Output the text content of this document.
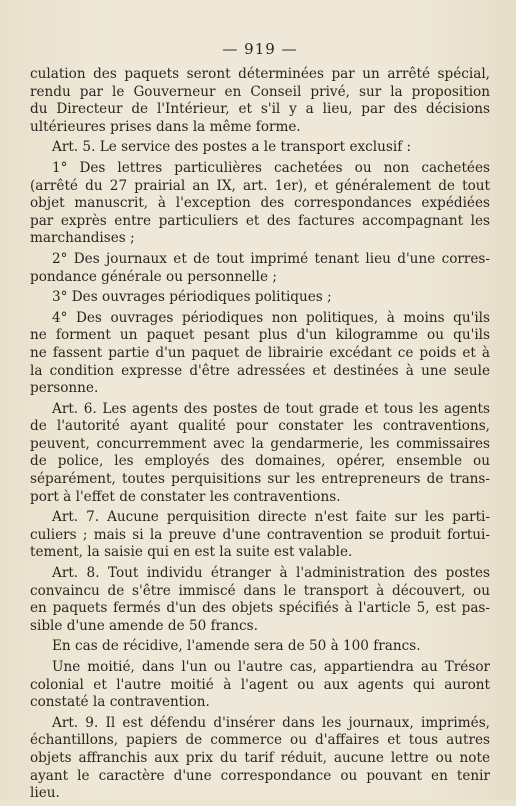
— 919 —
culation des paquets seront déterminées par un arrêté spécial,
rendu par le Gouverneur en Conseil privé, sur la proposition
du Directeur de l'Intérieur, et s'il y a lieu, par des décisions
ultérieures prises dans la même forme.
Art. 5. Le service des postes a le transport exclusif :
1° Des lettres particulières cachetées ou non cachetées
(arrêté du 27 prairial an IX, art. 1er), et généralement de tout
objet manuscrit, à l'exception des correspondances expédiées
par exprès entre particuliers et des factures accompagnant les
marchandises ;
2° Des journaux et de tout imprimé tenant lieu d'une corres-
pondance générale ou personnelle ;
3° Des ouvrages périodiques politiques ;
4° Des ouvrages périodiques non politiques, à moins qu'ils
ne forment un paquet pesant plus d'un kilogramme ou qu'ils
ne fassent partie d'un paquet de librairie excédant ce poids et à
la condition expresse d'être adressées et destinées à une seule
personne.
Art. 6. Les agents des postes de tout grade et tous les agents
de l'autorité ayant qualité pour constater les contraventions,
peuvent, concurremment avec la gendarmerie, les commissaires
de police, les employés des domaines, opérer, ensemble ou
séparément, toutes perquisitions sur les entrepreneurs de trans-
port à l'effet de constater les contraventions.
Art. 7. Aucune perquisition directe n'est faite sur les parti-
culiers ; mais si la preuve d'une contravention se produit fortui-
tement, la saisie qui en est la suite est valable.
Art. 8. Tout individu étranger à l'administration des postes
convaincu de s'être immiscé dans le transport à découvert, ou
en paquets fermés d'un des objets spécifiés à l'article 5, est pas-
sible d'une amende de 50 francs.
En cas de récidive, l'amende sera de 50 à 100 francs.
Une moitié, dans l'un ou l'autre cas, appartiendra au Trésor
colonial et l'autre moitié à l'agent ou aux agents qui auront
constaté la contravention.
Art. 9. Il est défendu d'insérer dans les journaux, imprimés,
échantillons, papiers de commerce ou d'affaires et tous autres
objets affranchis aux prix du tarif réduit, aucune lettre ou note
ayant le caractère d'une correspondance ou pouvant en tenir
lieu.
